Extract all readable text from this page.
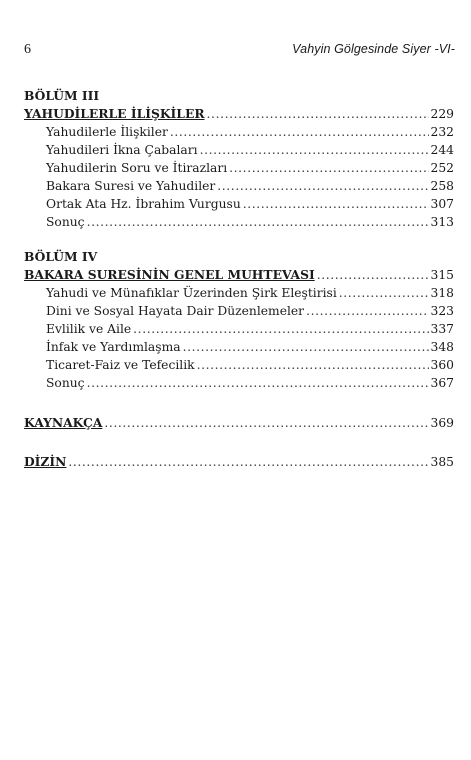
6	Vahyin Gölgesinde Siyer -VI-
BÖLÜM III
YAHUDİLERLE İLİŞKİLER .....	229
Yahudilerle İlişkiler .....	232
Yahudileri İkna Çabaları .....	244
Yahudilerin Soru ve İtirazları .....	252
Bakara Suresi ve Yahudiler .....	258
Ortak Ata Hz. İbrahim Vurgusu .....	307
Sonuç .....	313
BÖLÜM IV
BAKARA SURESİNİN GENEL MUHTEVASI .....	315
Yahudi ve Münafıklar Üzerinden Şirk Eleştirisi .....	318
Dini ve Sosyal Hayata Dair Düzenlemeler .....	323
Evlilik ve Aile .....	337
İnfak ve Yardımlaşma .....	348
Ticaret-Faiz ve Tefecilik .....	360
Sonuç .....	367
KAYNAKÇA .....	369
DİZİN .....	385
